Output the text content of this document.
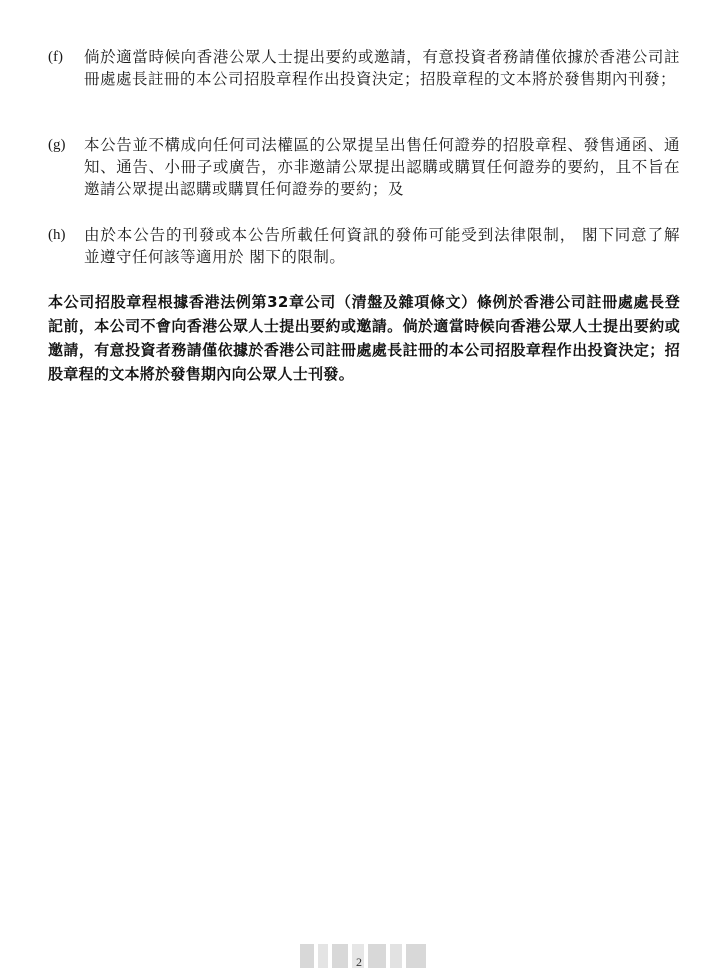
(f)	倘於適當時候向香港公眾人士提出要約或邀請，有意投資者務請僅依據於香港公司註冊處處長註冊的本公司招股章程作出投資決定；招股章程的文本將於發售期內刊發；
(g)	本公告並不構成向任何司法權區的公眾提呈出售任何證券的招股章程、發售通函、通知、通告、小冊子或廣告，亦非邀請公眾提出認購或購買任何證券的要約，且不旨在邀請公眾提出認購或購買任何證券的要約；及
(h)	由於本公告的刊發或本公告所載任何資訊的發佈可能受到法律限制， 閣下同意了解並遵守任何該等適用於 閣下的限制。
本公司招股章程根據香港法例第32章公司（清盤及雜項條文）條例於香港公司註冊處處長登記前，本公司不會向香港公眾人士提出要約或邀請。倘於適當時候向香港公眾人士提出要約或邀請，有意投資者務請僅依據於香港公司註冊處處長註冊的本公司招股章程作出投資決定；招股章程的文本將於發售期內向公眾人士刊發。
2
